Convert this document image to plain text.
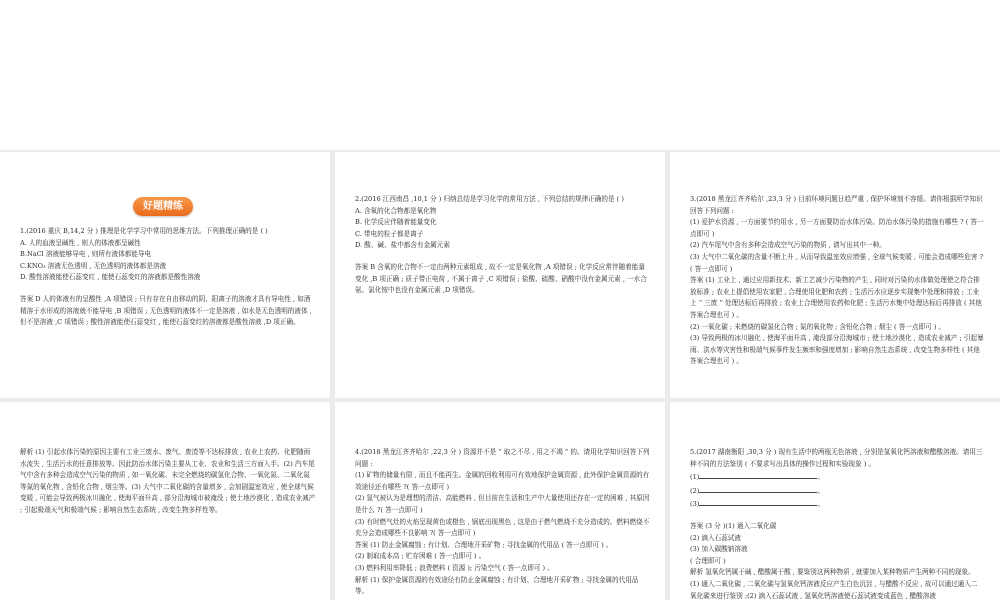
好题精练

1.(2016 重庆 B,14,2 分 ) 推理是化学学习中常用的思维方法。下列推理正确的是 ( )

A. 人的血液呈碱性 , 则人的体液都呈碱性

B.NaCl 溶液能够导电 , 则所有液体都能导电

C.KNO₃ 溶液无色透明 , 无色透明的液体都是溶液

D. 酸性溶液能使石蕊变红 , 能使石蕊变红的溶液都是酸性溶液

答案 D 人的体液有的呈酸性 ,A 项错误 ; 只有存在自由移动的阴、阳离子的溶液才具有导电性 , 如酒精溶于水形成的溶液就不能导电 ,B 项错误 ; 无色透明的液体不一定是溶液 , 如水是无色透明的液体 , 但不是溶液 ,C 项错误 ; 酸性溶液能使石蕊变红 , 能使石蕊变红的溶液都是酸性溶液 ,D 项正确。

2.(2016 江西南昌 ,10,1 分 ) 归纳总结是学习化学的常用方法 , 下列总结的规律正确的是 ( )

A. 含氧的化合物都是氧化物

B. 化学反应伴随着能量变化

C. 带电的粒子都是离子

D. 酸、碱、盐中都含有金属元素

答案 B 含氧的化合物不一定由两种元素组成 , 故不一定是氧化物 ,A 项错误 ; 化学反应常伴随着能量变化 ,B 项正确 ; 质子带正电荷 , 不属于离子 ,C 项错误 ; 盐酸、硫酸、硝酸中没有金属元素 , 一水合氨、氯化铵中也没有金属元素 ,D 项错误。

3.(2018 黑龙江齐齐哈尔 ,23,3 分 ) 目前环境问题日趋严重 , 保护环境刻不容缓。请你根据所学知识回答下列问题 :

(1) 爱护水资源 , 一方面要节约用水 , 另一方面要防治水体污染。防治水体污染的措施有哪些 ? ( 答一点即可 )

(2) 汽车尾气中含有多种会造成空气污染的物质 , 请写出其中一种。

(3) 大气中二氧化碳的含量不断上升 , 从而导致温室效应增强 , 全球气候变暖 , 可能会造成哪些危害 ?( 答一点即可 )

答案 (1) 工业上 , 通过应用新技术、新工艺减少污染物的产生 , 同时对污染的水体做处理使之符合排放标准 ; 农业上提倡使用农家肥 , 合理使用化肥和农药 ; 生活污水应逐步实现集中处理和排放 ; 工业上 “ 三废 ” 处理达标后再排放 ; 农业上合理使用农药和化肥 ; 生活污水集中处理达标后再排放 ( 其他答案合理也可 ) 。

(2) 一氧化碳 ; 未燃烧的碳氢化合物 ; 氮的氧化物 ; 含铅化合物 ; 烟尘 ( 答一点即可 ) 。

(3) 导致两极的冰川融化 , 使海平面升高 , 淹没部分沿海城市 ; 使土地沙漠化 , 造成农业减产 ; 引起暴雨、洪水等灾害性和极端气候事件发生频率和强度增加 ; 影响自然生态系统 , 改变生物多样性 ( 其他答案合理也可 ) 。

解析 (1) 引起水体污染的原因主要有工业三废水、废气、废渣等不达标排放 , 农业上农药、化肥随雨水流失 , 生活污水的任意排放等。因此防治水体污染主要从工业、农业和生活三方面入手。(2) 汽车尾气中含有多种会造成空气污染的物质 , 如一氧化碳、未完全燃烧的碳氢化合物、一氧化氮、二氧化氮等氮的氧化物 , 含铅化合物 , 烟尘等。(3) 大气中二氧化碳的含量增多 , 会加剧温室效应 , 使全球气候变暖 , 可能会导致两极冰川融化 , 使海平面升高 , 部分沿海城市被淹没 ; 使土地沙漠化 , 造成农业减产 ; 引起极端天气和极端气候 ; 影响自然生态系统 , 改变生物多样性等。

4.(2018 黑龙江齐齐哈尔 ,22,3 分 ) 资源并不是 “ 取之不尽 , 用之不竭 ” 的。请用化学知识回答下列问题 :

(1) 矿物的储量有限 , 而且不能再生。金属的回收利用可有效地保护金属资源 , 此外保护金属资源的有效途径还有哪些 ?( 答一点即可 )

(2) 氢气被认为是理想的清洁、高能燃料 , 但目前在生活和生产中大量使用还存在一定的困难 , 其原因是什么 ?( 答一点即可 )

(3) 有时燃气灶的火焰呈现黄色或橙色 , 锅底出现黑色 , 这是由于燃气燃烧不充分造成的。燃料燃烧不充分会造成哪些不良影响 ?( 答一点即可 )

答案 (1) 防止金属腐蚀 ; 有计划、合理地开采矿物 ; 寻找金属的代用品 ( 答一点即可 ) 。

(2) 制取成本高 ; 贮存困难 ( 答一点即可 ) 。

(3) 燃料利用率降低 ; 浪费燃料 ( 资源 ); 污染空气 ( 答一点即可 ) 。

解析 (1) 保护金属资源的有效途径有防止金属腐蚀 ; 有计划、合理地开采矿物 ; 寻找金属的代用品等。

5.(2017 湖南衡阳 ,30,3 分 ) 现有生活中的两瓶无色溶液 , 分别是氢氧化钙溶液和醋酸溶液。请用三种不同的方法鉴别 ( 不要求写出具体的操作过程和实验现象 ) 。

(1)	。

(2)	。

(3)	。

答案 (3 分 )(1) 通入二氧化碳

(2) 滴入石蕊试液

(3) 加入碳酸钠溶液

( 合理即可 )

解析 氢氧化钙属于碱 , 醋酸属于酸 , 要鉴别这两种物质 , 就要加入某种物质产生两种不同的现象。(1) 通入二氧化碳 , 二氧化碳与氢氧化钙溶液反应产生白色沉淀 , 与醋酸不反应 , 故可以通过通入二氧化碳来进行鉴别 ;(2) 滴入石蕊试液 , 氢氧化钙溶液使石蕊试液变成蓝色 , 醋酸溶液
